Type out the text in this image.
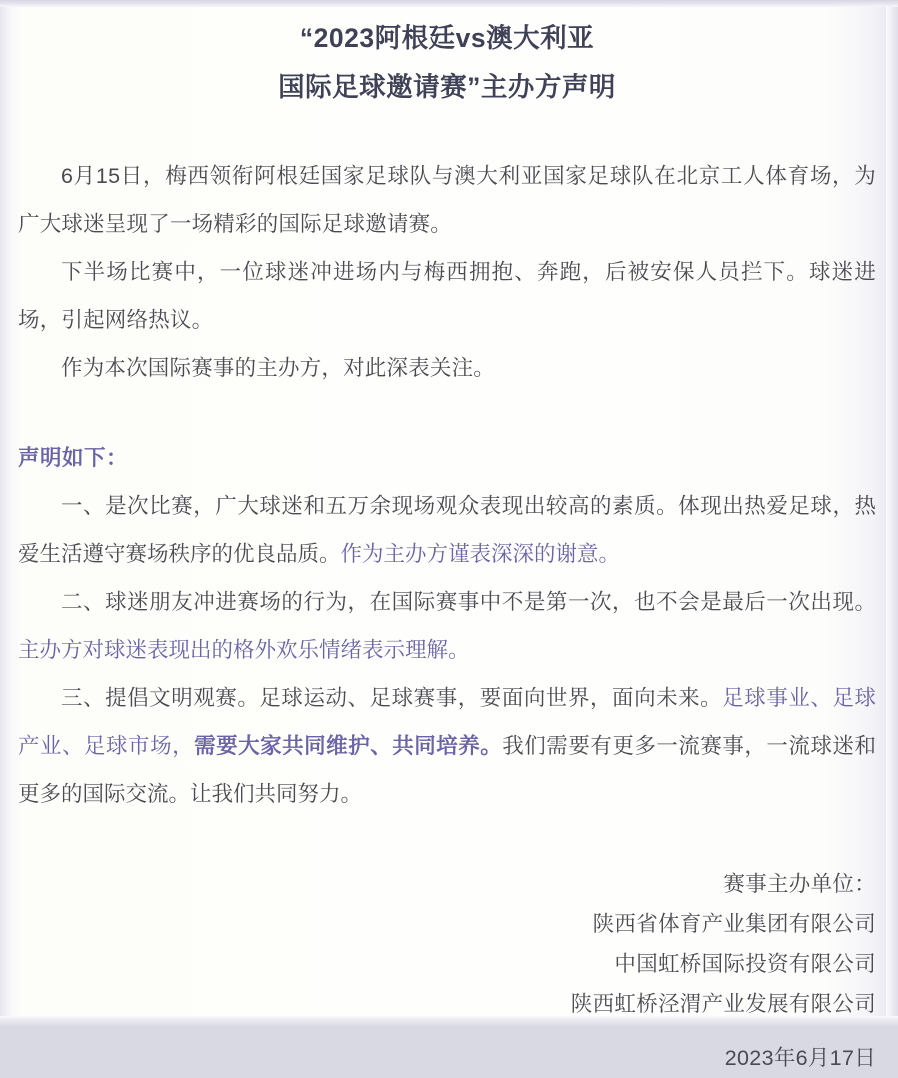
“2023阿根廷vs澳大利亚
国际足球邀请赛”主办方声明

6月15日，梅西领衔阿根廷国家足球队与澳大利亚国家足球队在北京工人体育场，为广大球迷呈现了一场精彩的国际足球邀请赛。

下半场比赛中，一位球迷冲进场内与梅西拥抱、奔跑，后被安保人员拦下。球迷进场，引起网络热议。

作为本次国际赛事的主办方，对此深表关注。

声明如下：

一、是次比赛，广大球迷和五万余现场观众表现出较高的素质。体现出热爱足球，热爱生活遵守赛场秩序的优良品质。作为主办方谨表深深的谢意。

二、球迷朋友冲进赛场的行为，在国际赛事中不是第一次，也不会是最后一次出现。主办方对球迷表现出的格外欢乐情绪表示理解。

三、提倡文明观赛。足球运动、足球赛事，要面向世界，面向未来。足球事业、足球产业、足球市场，需要大家共同维护、共同培养。我们需要有更多一流赛事，一流球迷和更多的国际交流。让我们共同努力。

赛事主办单位：
陕西省体育产业集团有限公司
中国虹桥国际投资有限公司
陕西虹桥泾渭产业发展有限公司
2023年6月17日
